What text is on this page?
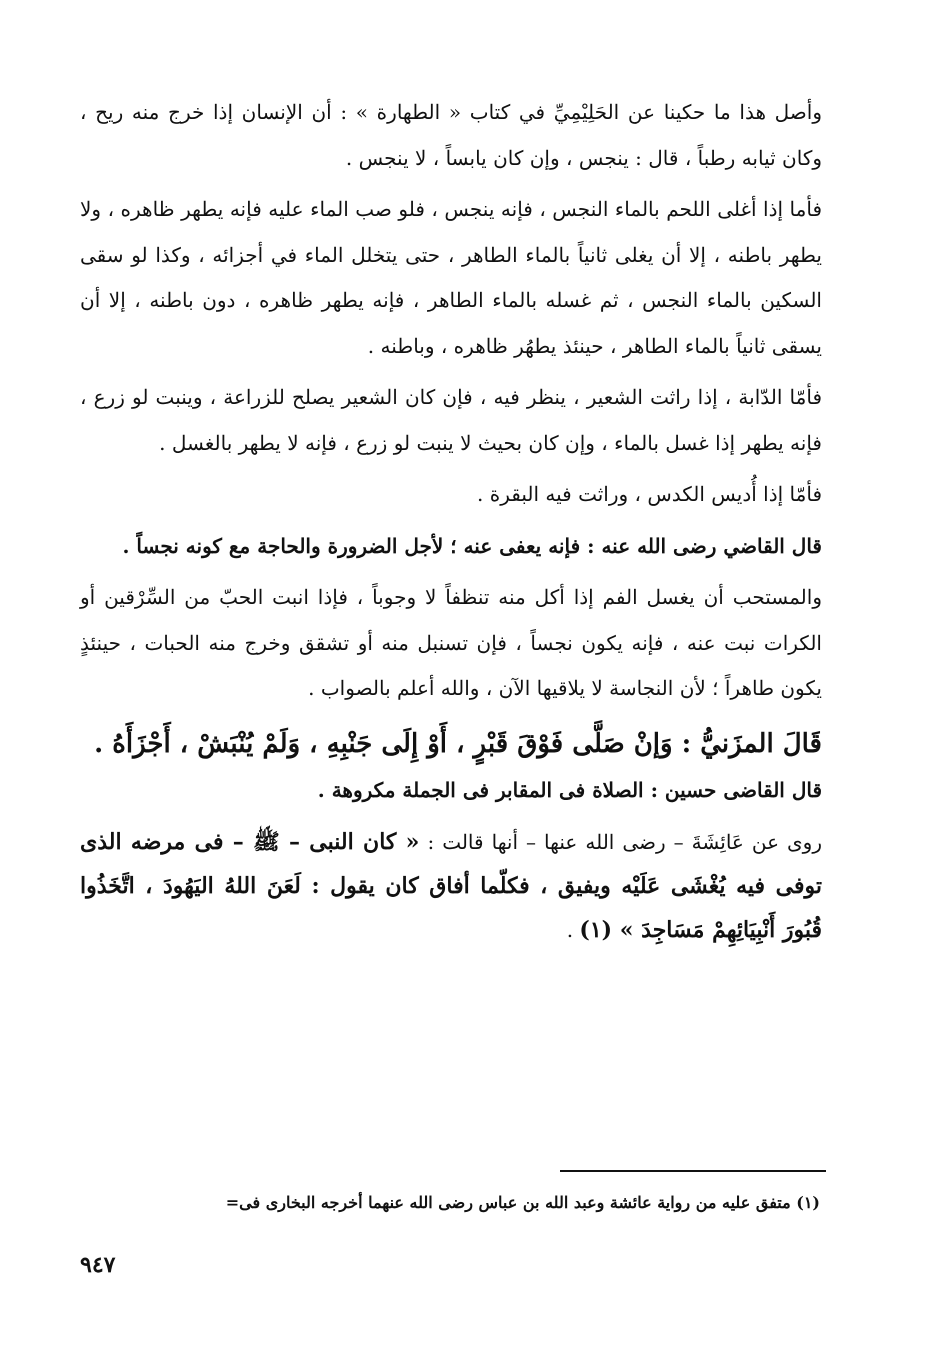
وأصل هذا ما حكينا عن الحَلِيْمِيِّ في كتاب « الطهارة » : أن الإنسان إذا خرج منه ريح ، وكان ثيابه رطباً ، قال : ينجس ، وإن كان يابساً ، لا ينجس .

فأما إذا أغلى اللحم بالماء النجس ، فإنه ينجس ، فلو صب الماء عليه فإنه يطهر ظاهره ، ولا يطهر باطنه ، إلا أن يغلى ثانياً بالماء الطاهر ، حتى يتخلل الماء في أجزائه ، وكذا لو سقى السكين بالماء النجس ، ثم غسله بالماء الطاهر ، فإنه يطهر ظاهره ، دون باطنه ، إلا أن يسقى ثانياً بالماء الطاهر ، حينئذ يطهُر ظاهره ، وباطنه .

فأمّا الدّابة ، إذا راثت الشعير ، ينظر فيه ، فإن كان الشعير يصلح للزراعة ، وينبت لو زرع ، فإنه يطهر إذا غسل بالماء ، وإن كان بحيث لا ينبت لو زرع ، فإنه لا يطهر بالغسل .

فأمّا إذا أُديس الكدس ، وراثت فيه البقرة .

قال القاضي رضى الله عنه : فإنه يعفى عنه ؛ لأجل الضرورة والحاجة مع كونه نجساً .

والمستحب أن يغسل الفم إذا أكل منه تنظفاً لا وجوباً ، فإذا انبت الحبّ من السِّرْقين أو الكرات نبت عنه ، فإنه يكون نجساً ، فإن تسنبل منه أو تشقق وخرج منه الحبات ، حينئذٍ يكون طاهراً ؛ لأن النجاسة لا يلاقيها الآن ، والله أعلم بالصواب .

قَالَ المزَنيُّ : وَإنْ صَلَّى فَوْقَ قَبْرٍ ، أَوْ إِلَى جَنْبِهِ ، وَلَمْ يُنْبَشْ ، أَجْزَأَهُ .

قال القاضى حسين : الصلاة فى المقابر فى الجملة مكروهة .

روى عن عَائِشَةَ – رضى الله عنها – أنها قالت : « كان النبى – ﷺ – فى مرضه الذى توفى فيه يُغْشَى عَلَيْه ويفيق ، فكلّما أفاق كان يقول : لَعَنَ اللهُ اليَهُودَ ، اتَّخَذُوا قُبُورَ أَنْبِيَائِهِمْ مَسَاجِدَ » (١) .

(١) متفق عليه من رواية عائشة وعبد الله بن عباس رضى الله عنهما أخرجه البخارى فى=
٩٤٧
